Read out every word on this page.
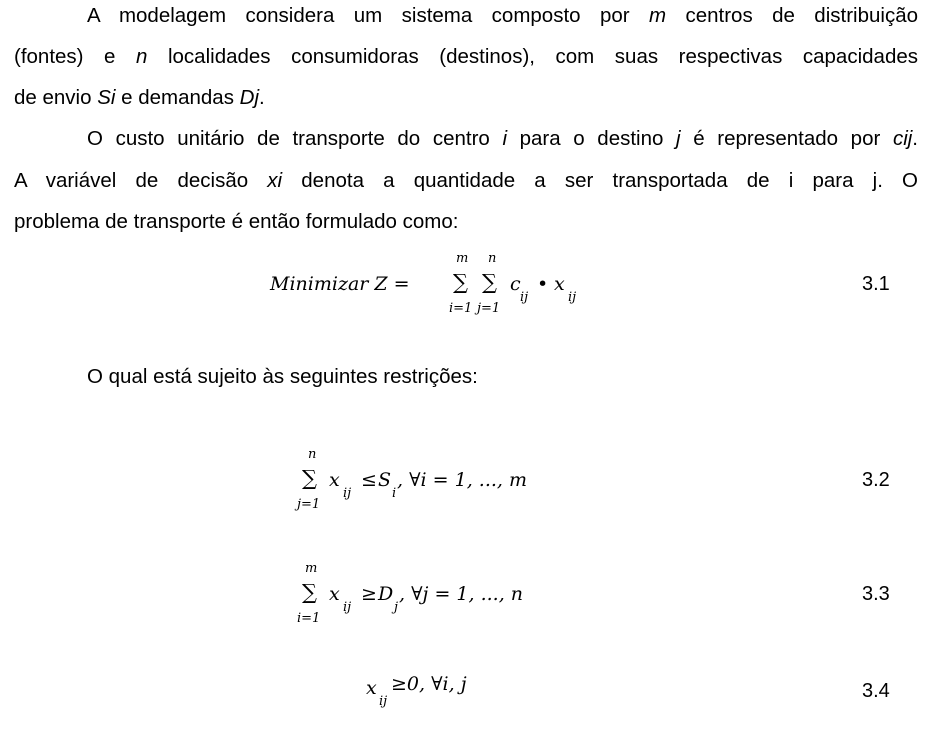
A modelagem considera um sistema composto por m centros de distribuição
(fontes) e n localidades consumidoras (destinos), com suas respectivas capacidades
de envio Si e demandas Dj.
O custo unitário de transporte do centro i para o destino j é representado por cij.
A variável de decisão xi denota a quantidade a ser transportada de i para j. O
problema de transporte é então formulado como:
Minimizar Z =
m
∑
i=1
n
∑
j=1
c
ij
• x
ij
3.1
O qual está sujeito às seguintes restrições:
n
∑
j=1
x
ij
≤ S
i
, ∀i = 1, ..., m	3.2
m
∑
i=1
x
ij
≥ D
j
, ∀j = 1, ..., n	3.3
x
ij
≥0, ∀i, j	3.4
